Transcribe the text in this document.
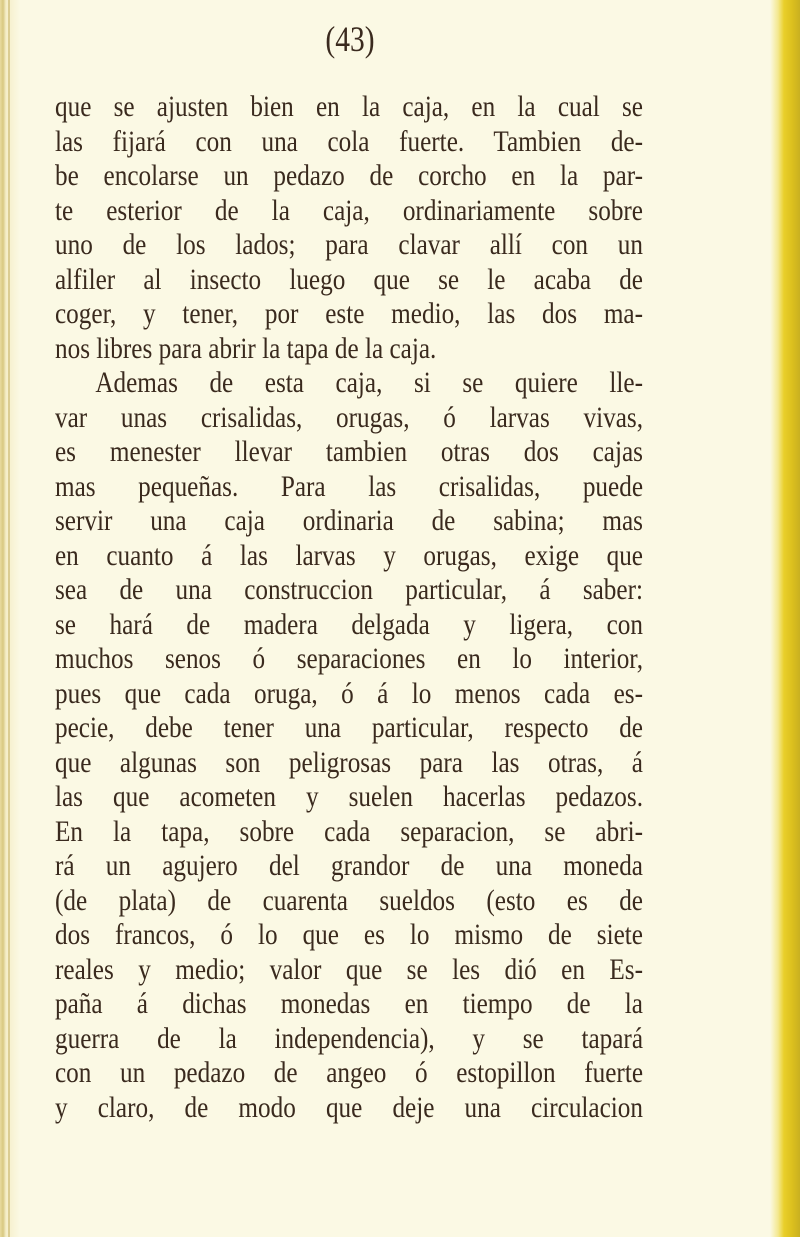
(43)
que se ajusten bien en la caja, en la cual se
las fijará con una cola fuerte. Tambien de-
be encolarse un pedazo de corcho en la par-
te esterior de la caja, ordinariamente sobre
uno de los lados; para clavar allí con un
alfiler al insecto luego que se le acaba de
coger, y tener, por este medio, las dos ma-
nos libres para abrir la tapa de la caja.
Ademas de esta caja, si se quiere lle-
var unas crisalidas, orugas, ó larvas vivas,
es menester llevar tambien otras dos cajas
mas pequeñas. Para las crisalidas, puede
servir una caja ordinaria de sabina; mas
en cuanto á las larvas y orugas, exige que
sea de una construccion particular, á saber:
se hará de madera delgada y ligera, con
muchos senos ó separaciones en lo interior,
pues que cada oruga, ó á lo menos cada es-
pecie, debe tener una particular, respecto de
que algunas son peligrosas para las otras, á
las que acometen y suelen hacerlas pedazos.
En la tapa, sobre cada separacion, se abri-
rá un agujero del grandor de una moneda
(de plata) de cuarenta sueldos (esto es de
dos francos, ó lo que es lo mismo de siete
reales y medio; valor que se les dió en Es-
paña á dichas monedas en tiempo de la
guerra de la independencia), y se tapará
con un pedazo de angeo ó estopillon fuerte
y claro, de modo que deje una circulacion
